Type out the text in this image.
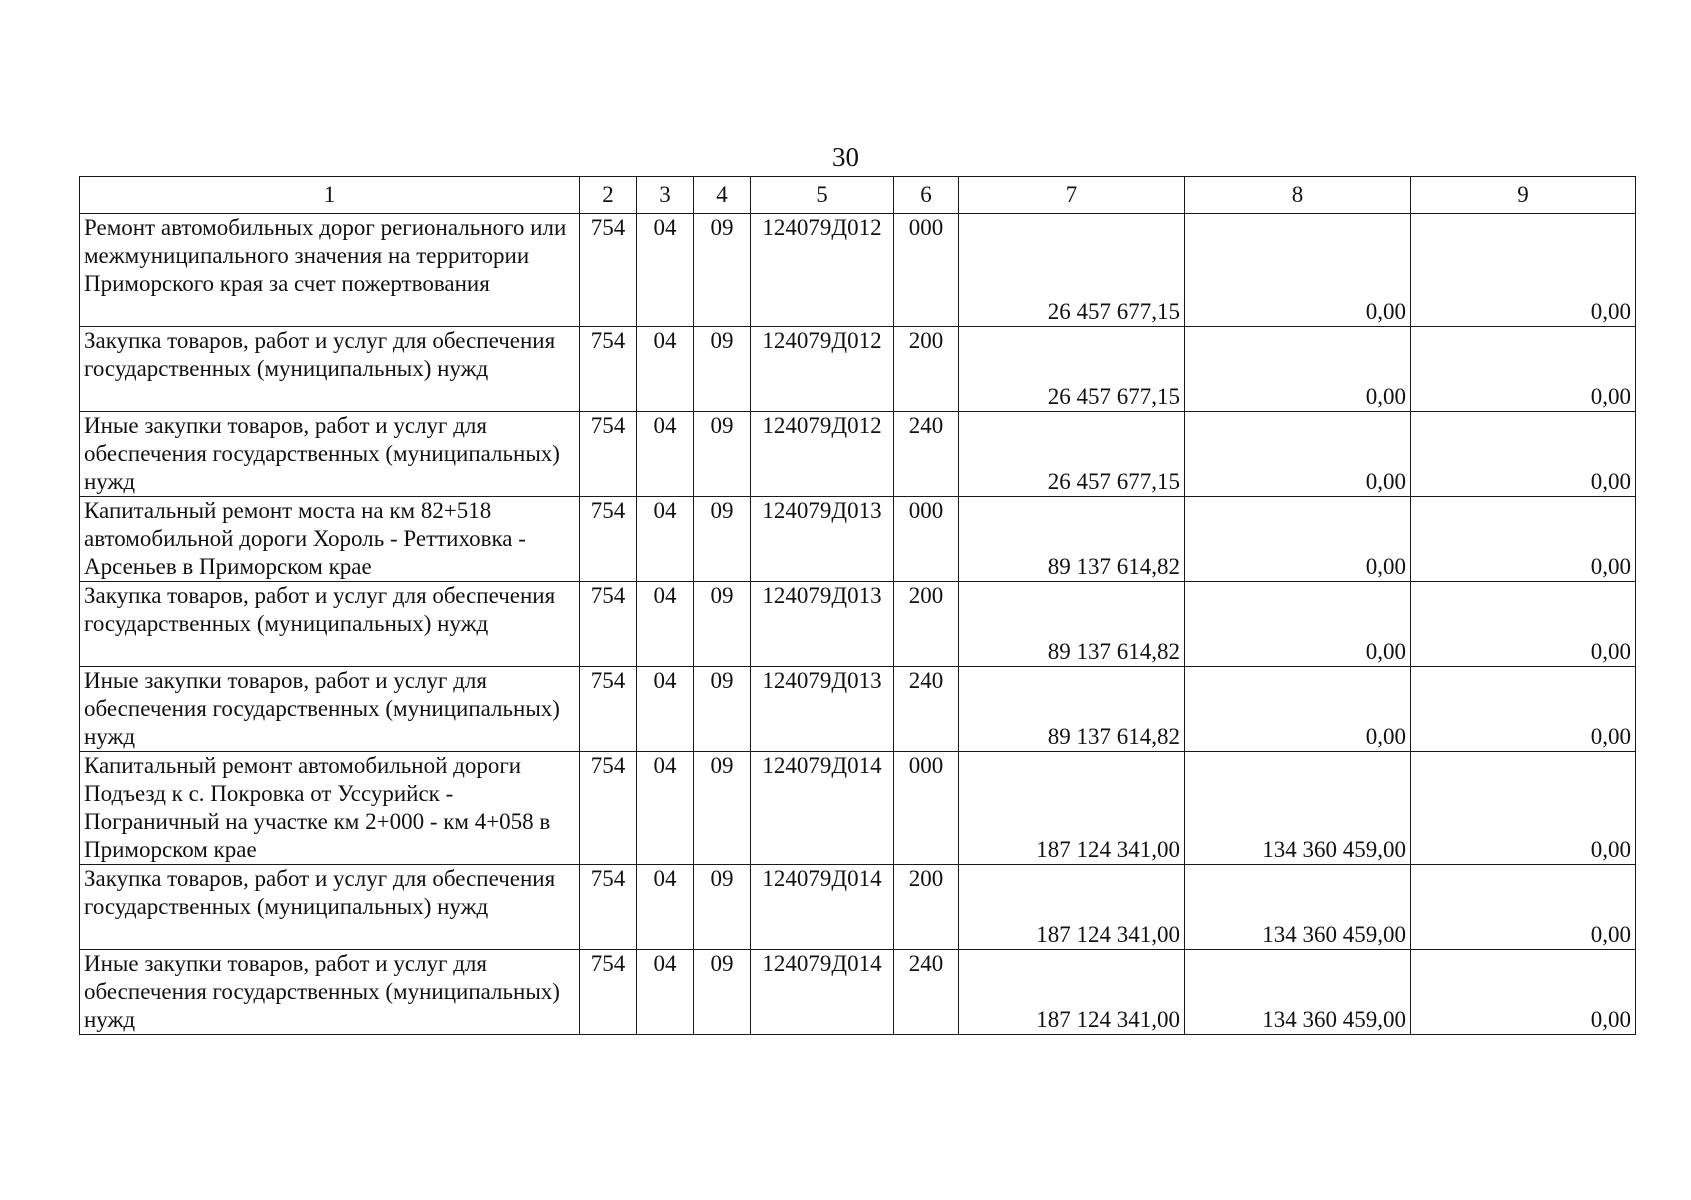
30
1	2	3	4	5	6	7	8	9
Ремонт автомобильных дорог регионального или межмуниципального значения на территории Приморского края за счет пожертвования	754	04	09	124079Д012	000	26 457 677,15	0,00	0,00
Закупка товаров, работ и услуг для обеспечения государственных (муниципальных) нужд	754	04	09	124079Д012	200	26 457 677,15	0,00	0,00
Иные закупки товаров, работ и услуг для обеспечения государственных (муниципальных) нужд	754	04	09	124079Д012	240	26 457 677,15	0,00	0,00
Капитальный ремонт моста на км 82+518 автомобильной дороги Хороль - Реттиховка - Арсеньев в Приморском крае	754	04	09	124079Д013	000	89 137 614,82	0,00	0,00
Закупка товаров, работ и услуг для обеспечения государственных (муниципальных) нужд	754	04	09	124079Д013	200	89 137 614,82	0,00	0,00
Иные закупки товаров, работ и услуг для обеспечения государственных (муниципальных) нужд	754	04	09	124079Д013	240	89 137 614,82	0,00	0,00
Капитальный ремонт автомобильной дороги Подъезд к с. Покровка от Уссурийск - Пограничный на участке км 2+000 - км 4+058 в Приморском крае	754	04	09	124079Д014	000	187 124 341,00	134 360 459,00	0,00
Закупка товаров, работ и услуг для обеспечения государственных (муниципальных) нужд	754	04	09	124079Д014	200	187 124 341,00	134 360 459,00	0,00
Иные закупки товаров, работ и услуг для обеспечения государственных (муниципальных) нужд	754	04	09	124079Д014	240	187 124 341,00	134 360 459,00	0,00
